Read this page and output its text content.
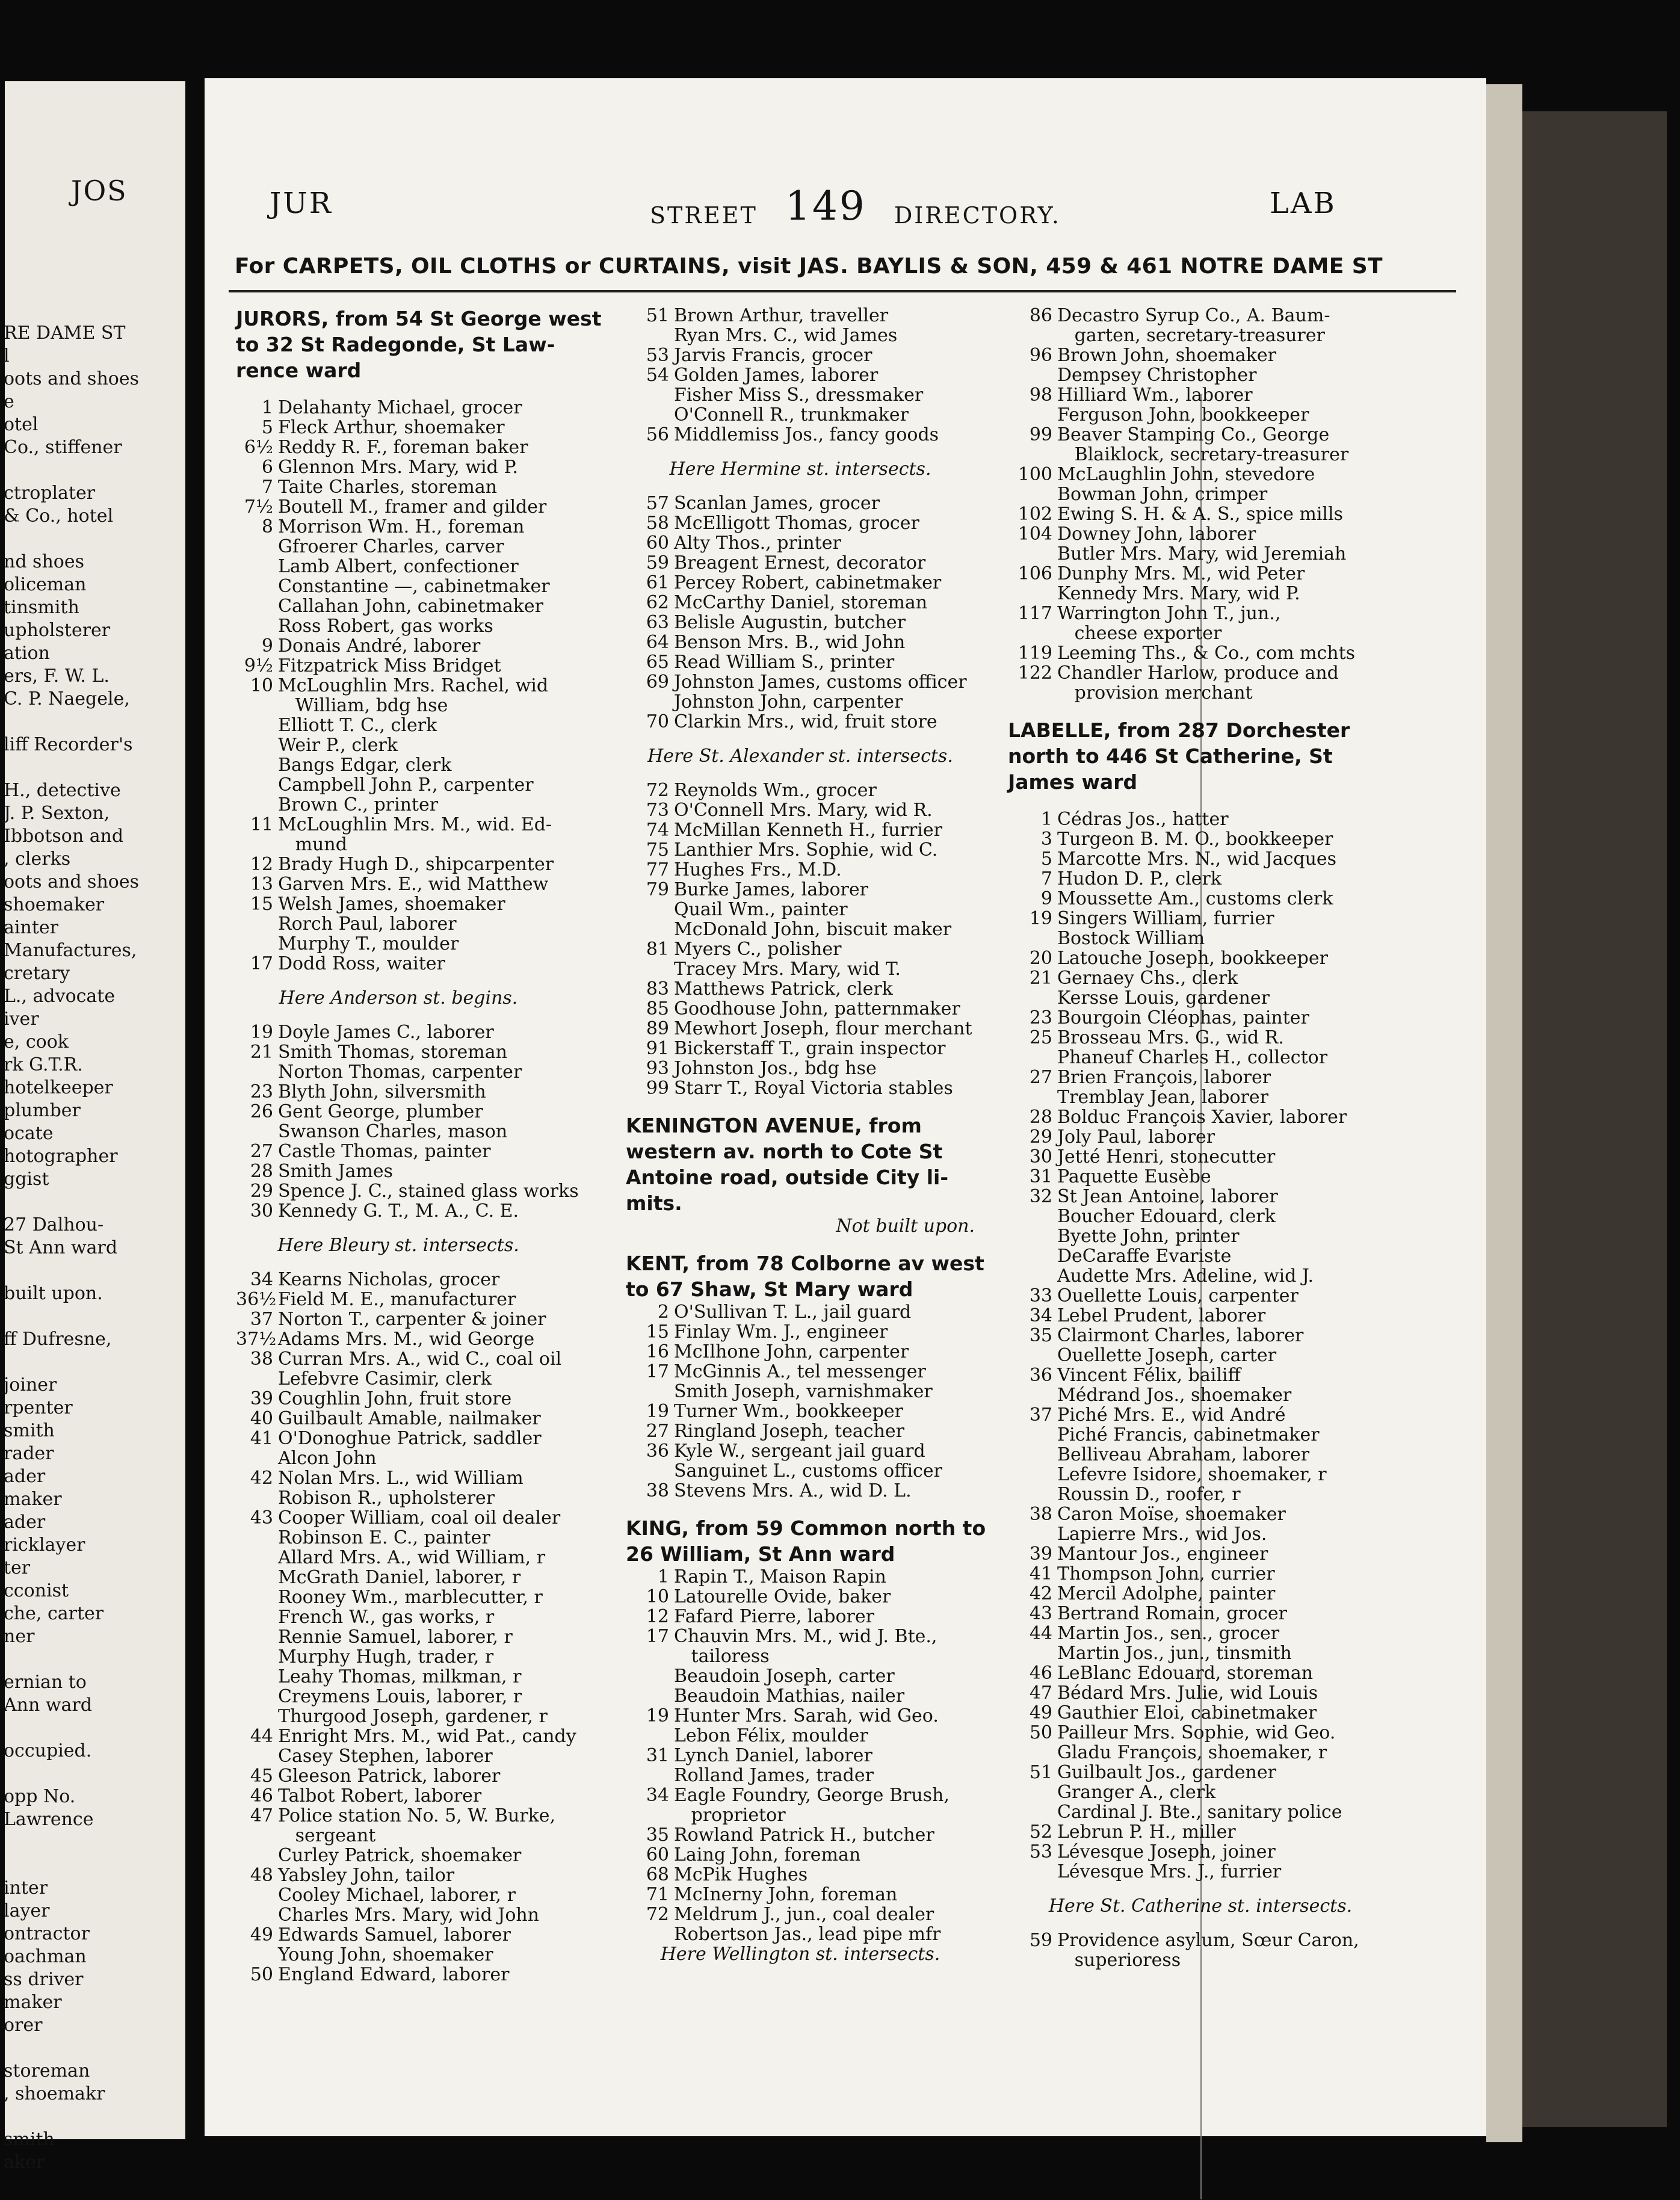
JOS
RE DAME ST
l
oots and shoes
e
otel
Co., stiffener
ctroplater
& Co., hotel
nd shoes
oliceman
tinsmith
upholsterer
ation
ers, F. W. L.
C. P. Naegele,
liff Recorder's
H., detective
J. P. Sexton,
Ibbotson and
, clerks
oots and shoes
shoemaker
ainter
Manufactures,
cretary
L., advocate
iver
e, cook
rk G.T.R.
hotelkeeper
plumber
ocate
hotographer
ggist
27 Dalhou-
St Ann ward
built upon.
ff Dufresne,
joiner
rpenter
smith
rader
ader
maker
ader
ricklayer
ter
cconist
che, carter
ner
ernian to
Ann ward
occupied.
opp No.
Lawrence
inter
layer
ontractor
oachman
ss driver
maker
orer
storeman
, shoemakr
smith
aker
JUR	STREET 149 DIRECTORY.	LAB
For CARPETS, OIL CLOTHS or CURTAINS, visit JAS. BAYLIS & SON, 459 & 461 NOTRE DAME ST
JURORS, from 54 St George west
to 32 St Radegonde, St Law-
rence ward
1 Delahanty Michael, grocer
5 Fleck Arthur, shoemaker
6½ Reddy R. F., foreman baker
6 Glennon Mrs. Mary, wid P.
7 Taite Charles, storeman
7½ Boutell M., framer and gilder
8 Morrison Wm. H., foreman
Gfroerer Charles, carver
Lamb Albert, confectioner
Constantine —, cabinetmaker
Callahan John, cabinetmaker
Ross Robert, gas works
9 Donais André, laborer
9½ Fitzpatrick Miss Bridget
10 McLoughlin Mrs. Rachel, wid
William, bdg hse
Elliott T. C., clerk
Weir P., clerk
Bangs Edgar, clerk
Campbell John P., carpenter
Brown C., printer
11 McLoughlin Mrs. M., wid. Ed-
mund
12 Brady Hugh D., shipcarpenter
13 Garven Mrs. E., wid Matthew
15 Welsh James, shoemaker
Rorch Paul, laborer
Murphy T., moulder
17 Dodd Ross, waiter
Here Anderson st. begins.
19 Doyle James C., laborer
21 Smith Thomas, storeman
Norton Thomas, carpenter
23 Blyth John, silversmith
26 Gent George, plumber
Swanson Charles, mason
27 Castle Thomas, painter
28 Smith James
29 Spence J. C., stained glass works
30 Kennedy G. T., M. A., C. E.
Here Bleury st. intersects.
34 Kearns Nicholas, grocer
36½Field M. E., manufacturer
37 Norton T., carpenter & joiner
37½Adams Mrs. M., wid George
38 Curran Mrs. A., wid C., coal oil
Lefebvre Casimir, clerk
39 Coughlin John, fruit store
40 Guilbault Amable, nailmaker
41 O'Donoghue Patrick, saddler
Alcon John
42 Nolan Mrs. L., wid William
Robison R., upholsterer
43 Cooper William, coal oil dealer
Robinson E. C., painter
Allard Mrs. A., wid William, r
McGrath Daniel, laborer, r
Rooney Wm., marblecutter, r
French W., gas works, r
Rennie Samuel, laborer, r
Murphy Hugh, trader, r
Leahy Thomas, milkman, r
Creymens Louis, laborer, r
Thurgood Joseph, gardener, r
44 Enright Mrs. M., wid Pat., candy
Casey Stephen, laborer
45 Gleeson Patrick, laborer
46 Talbot Robert, laborer
47 Police station No. 5, W. Burke,
sergeant
Curley Patrick, shoemaker
48 Yabsley John, tailor
Cooley Michael, laborer, r
Charles Mrs. Mary, wid John
49 Edwards Samuel, laborer
Young John, shoemaker
50 England Edward, laborer
51 Brown Arthur, traveller
Ryan Mrs. C., wid James
53 Jarvis Francis, grocer
54 Golden James, laborer
Fisher Miss S., dressmaker
O'Connell R., trunkmaker
56 Middlemiss Jos., fancy goods
Here Hermine st. intersects.
57 Scanlan James, grocer
58 McElligott Thomas, grocer
60 Alty Thos., printer
59 Breagent Ernest, decorator
61 Percey Robert, cabinetmaker
62 McCarthy Daniel, storeman
63 Belisle Augustin, butcher
64 Benson Mrs. B., wid John
65 Read William S., printer
69 Johnston James, customs officer
Johnston John, carpenter
70 Clarkin Mrs., wid, fruit store
Here St. Alexander st. intersects.
72 Reynolds Wm., grocer
73 O'Connell Mrs. Mary, wid R.
74 McMillan Kenneth H., furrier
75 Lanthier Mrs. Sophie, wid C.
77 Hughes Frs., M.D.
79 Burke James, laborer
Quail Wm., painter
McDonald John, biscuit maker
81 Myers C., polisher
Tracey Mrs. Mary, wid T.
83 Matthews Patrick, clerk
85 Goodhouse John, patternmaker
89 Mewhort Joseph, flour merchant
91 Bickerstaff T., grain inspector
93 Johnston Jos., bdg hse
99 Starr T., Royal Victoria stables
KENINGTON AVENUE, from
western av. north to Cote St
Antoine road, outside City li-
mits.
Not built upon.
KENT, from 78 Colborne av west
to 67 Shaw, St Mary ward
2 O'Sullivan T. L., jail guard
15 Finlay Wm. J., engineer
16 McIlhone John, carpenter
17 McGinnis A., tel messenger
Smith Joseph, varnishmaker
19 Turner Wm., bookkeeper
27 Ringland Joseph, teacher
36 Kyle W., sergeant jail guard
Sanguinet L., customs officer
38 Stevens Mrs. A., wid D. L.
KING, from 59 Common north to
26 William, St Ann ward
1 Rapin T., Maison Rapin
10 Latourelle Ovide, baker
12 Fafard Pierre, laborer
17 Chauvin Mrs. M., wid J. Bte.,
tailoress
Beaudoin Joseph, carter
Beaudoin Mathias, nailer
19 Hunter Mrs. Sarah, wid Geo.
Lebon Félix, moulder
31 Lynch Daniel, laborer
Rolland James, trader
34 Eagle Foundry, George Brush,
proprietor
35 Rowland Patrick H., butcher
60 Laing John, foreman
68 McPik Hughes
71 McInerny John, foreman
72 Meldrum J., jun., coal dealer
Robertson Jas., lead pipe mfr
Here Wellington st. intersects.
86 Decastro Syrup Co., A. Baum-
garten, secretary-treasurer
96 Brown John, shoemaker
Dempsey Christopher
98 Hilliard Wm., laborer
Ferguson John, bookkeeper
99 Beaver Stamping Co., George
Blaiklock, secretary-treasurer
100 McLaughlin John, stevedore
Bowman John, crimper
102 Ewing S. H. & A. S., spice mills
104 Downey John, laborer
Butler Mrs. Mary, wid Jeremiah
106 Dunphy Mrs. M., wid Peter
Kennedy Mrs. Mary, wid P.
117 Warrington John T., jun.,
cheese exporter
119 Leeming Ths., & Co., com mchts
122 Chandler Harlow, produce and
provision merchant
LABELLE, from 287 Dorchester
north to 446 St Catherine, St
James ward
1 Cédras Jos., hatter
3 Turgeon B. M. O., bookkeeper
5 Marcotte Mrs. N., wid Jacques
7 Hudon D. P., clerk
9 Moussette Am., customs clerk
19 Singers William, furrier
Bostock William
20 Latouche Joseph, bookkeeper
21 Gernaey Chs., clerk
Kersse Louis, gardener
23 Bourgoin Cléophas, painter
25 Brosseau Mrs. G., wid R.
Phaneuf Charles H., collector
27 Brien François, laborer
Tremblay Jean, laborer
28 Bolduc François Xavier, laborer
29 Joly Paul, laborer
30 Jetté Henri, stonecutter
31 Paquette Eusèbe
32 St Jean Antoine, laborer
Boucher Edouard, clerk
Byette John, printer
DeCaraffe Evariste
Audette Mrs. Adeline, wid J.
33 Ouellette Louis, carpenter
34 Lebel Prudent, laborer
35 Clairmont Charles, laborer
Ouellette Joseph, carter
36 Vincent Félix, bailiff
Médrand Jos., shoemaker
37 Piché Mrs. E., wid André
Piché Francis, cabinetmaker
Belliveau Abraham, laborer
Lefevre Isidore, shoemaker, r
Roussin D., roofer, r
38 Caron Moïse, shoemaker
Lapierre Mrs., wid Jos.
39 Mantour Jos., engineer
41 Thompson John, currier
42 Mercil Adolphe, painter
43 Bertrand Romain, grocer
44 Martin Jos., sen., grocer
Martin Jos., jun., tinsmith
46 LeBlanc Edouard, storeman
47 Bédard Mrs. Julie, wid Louis
49 Gauthier Eloi, cabinetmaker
50 Pailleur Mrs. Sophie, wid Geo.
Gladu François, shoemaker, r
51 Guilbault Jos., gardener
Granger A., clerk
Cardinal J. Bte., sanitary police
52 Lebrun P. H., miller
53 Lévesque Joseph, joiner
Lévesque Mrs. J., furrier
Here St. Catherine st. intersects.
59 Providence asylum, Sœur Caron,
superioress
